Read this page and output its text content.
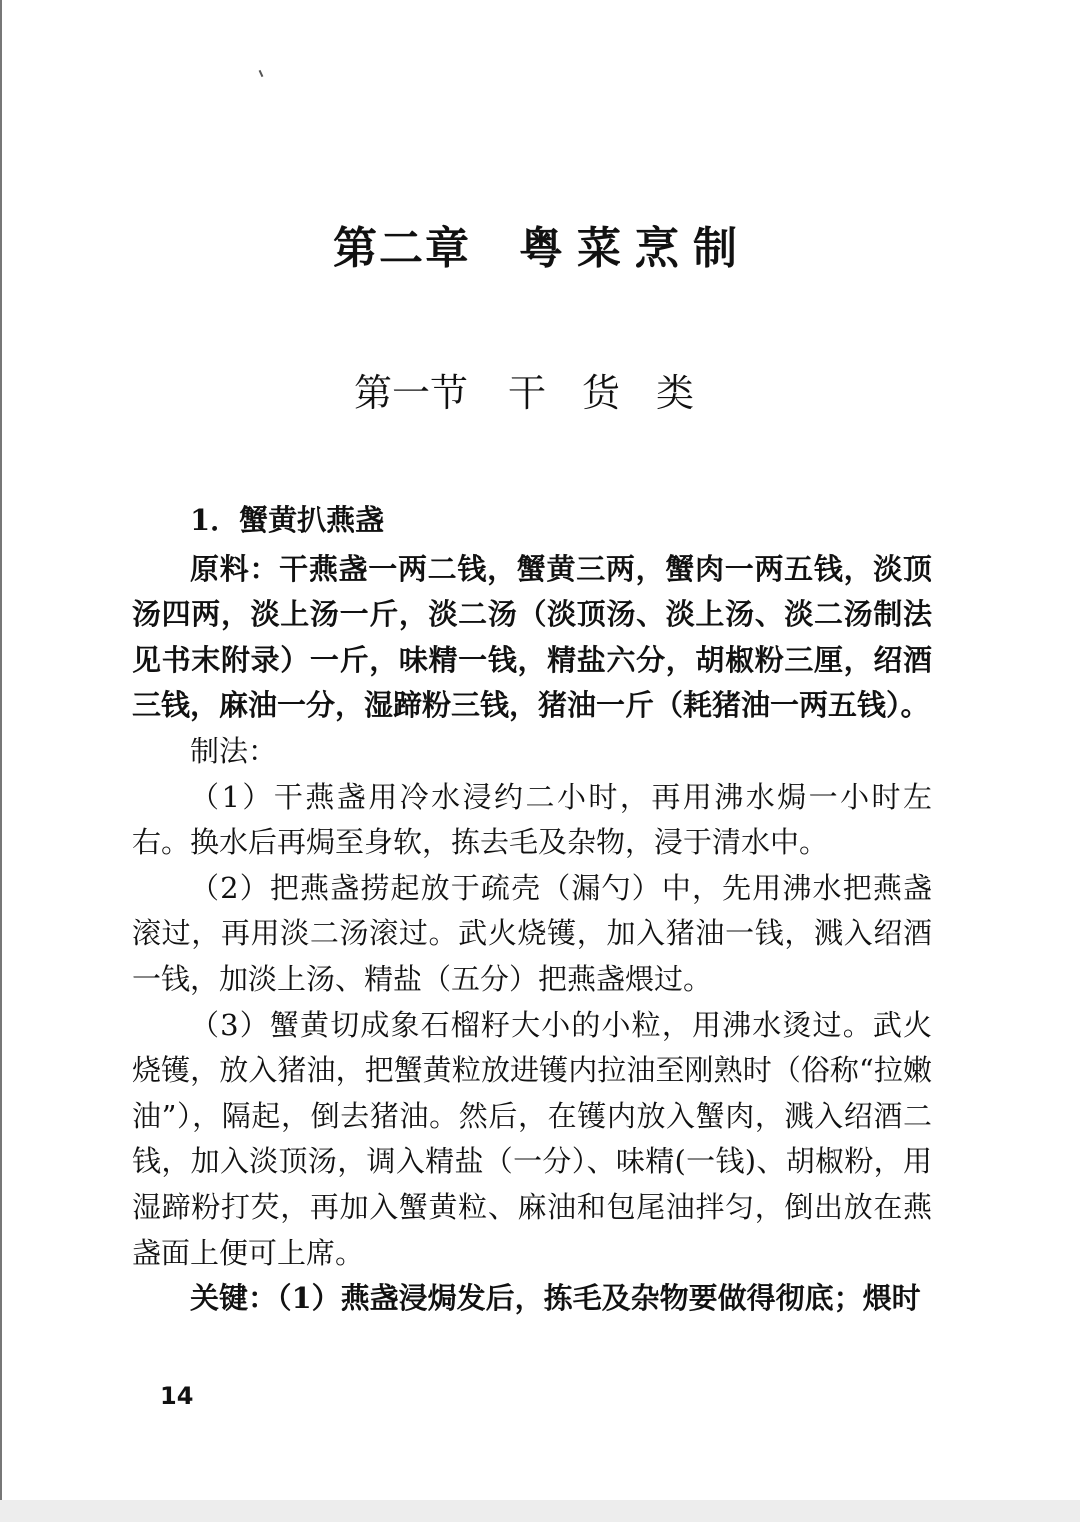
第二章 粤菜烹制
第一节 干货类

1．蟹黄扒燕盏

原料：干燕盏一两二钱，蟹黄三两，蟹肉一两五钱，淡顶汤四两，淡上汤一斤，淡二汤（淡顶汤、淡上汤、淡二汤制法见书末附录）一斤，味精一钱，精盐六分，胡椒粉三厘，绍酒三钱，麻油一分，湿蹄粉三钱，猪油一斤（耗猪油一两五钱）。

制法：

（1）干燕盏用冷水浸约二小时，再用沸水焗一小时左右。换水后再焗至身软，拣去毛及杂物，浸于清水中。

（2）把燕盏捞起放于疏壳（漏勺）中，先用沸水把燕盏滚过，再用淡二汤滚过。武火烧镬，加入猪油一钱，溅入绍酒一钱，加淡上汤、精盐（五分）把燕盏煨过。

（3）蟹黄切成象石榴籽大小的小粒，用沸水烫过。武火烧镬，放入猪油，把蟹黄粒放进镬内拉油至刚熟时（俗称“拉嫩油”），隔起，倒去猪油。然后，在镬内放入蟹肉，溅入绍酒二钱，加入淡顶汤，调入精盐（一分）、味精(一钱)、胡椒粉，用湿蹄粉打芡，再加入蟹黄粒、麻油和包尾油拌匀，倒出放在燕盏面上便可上席。

关键：（1）燕盏浸焗发后，拣毛及杂物要做得彻底；煨时

14
